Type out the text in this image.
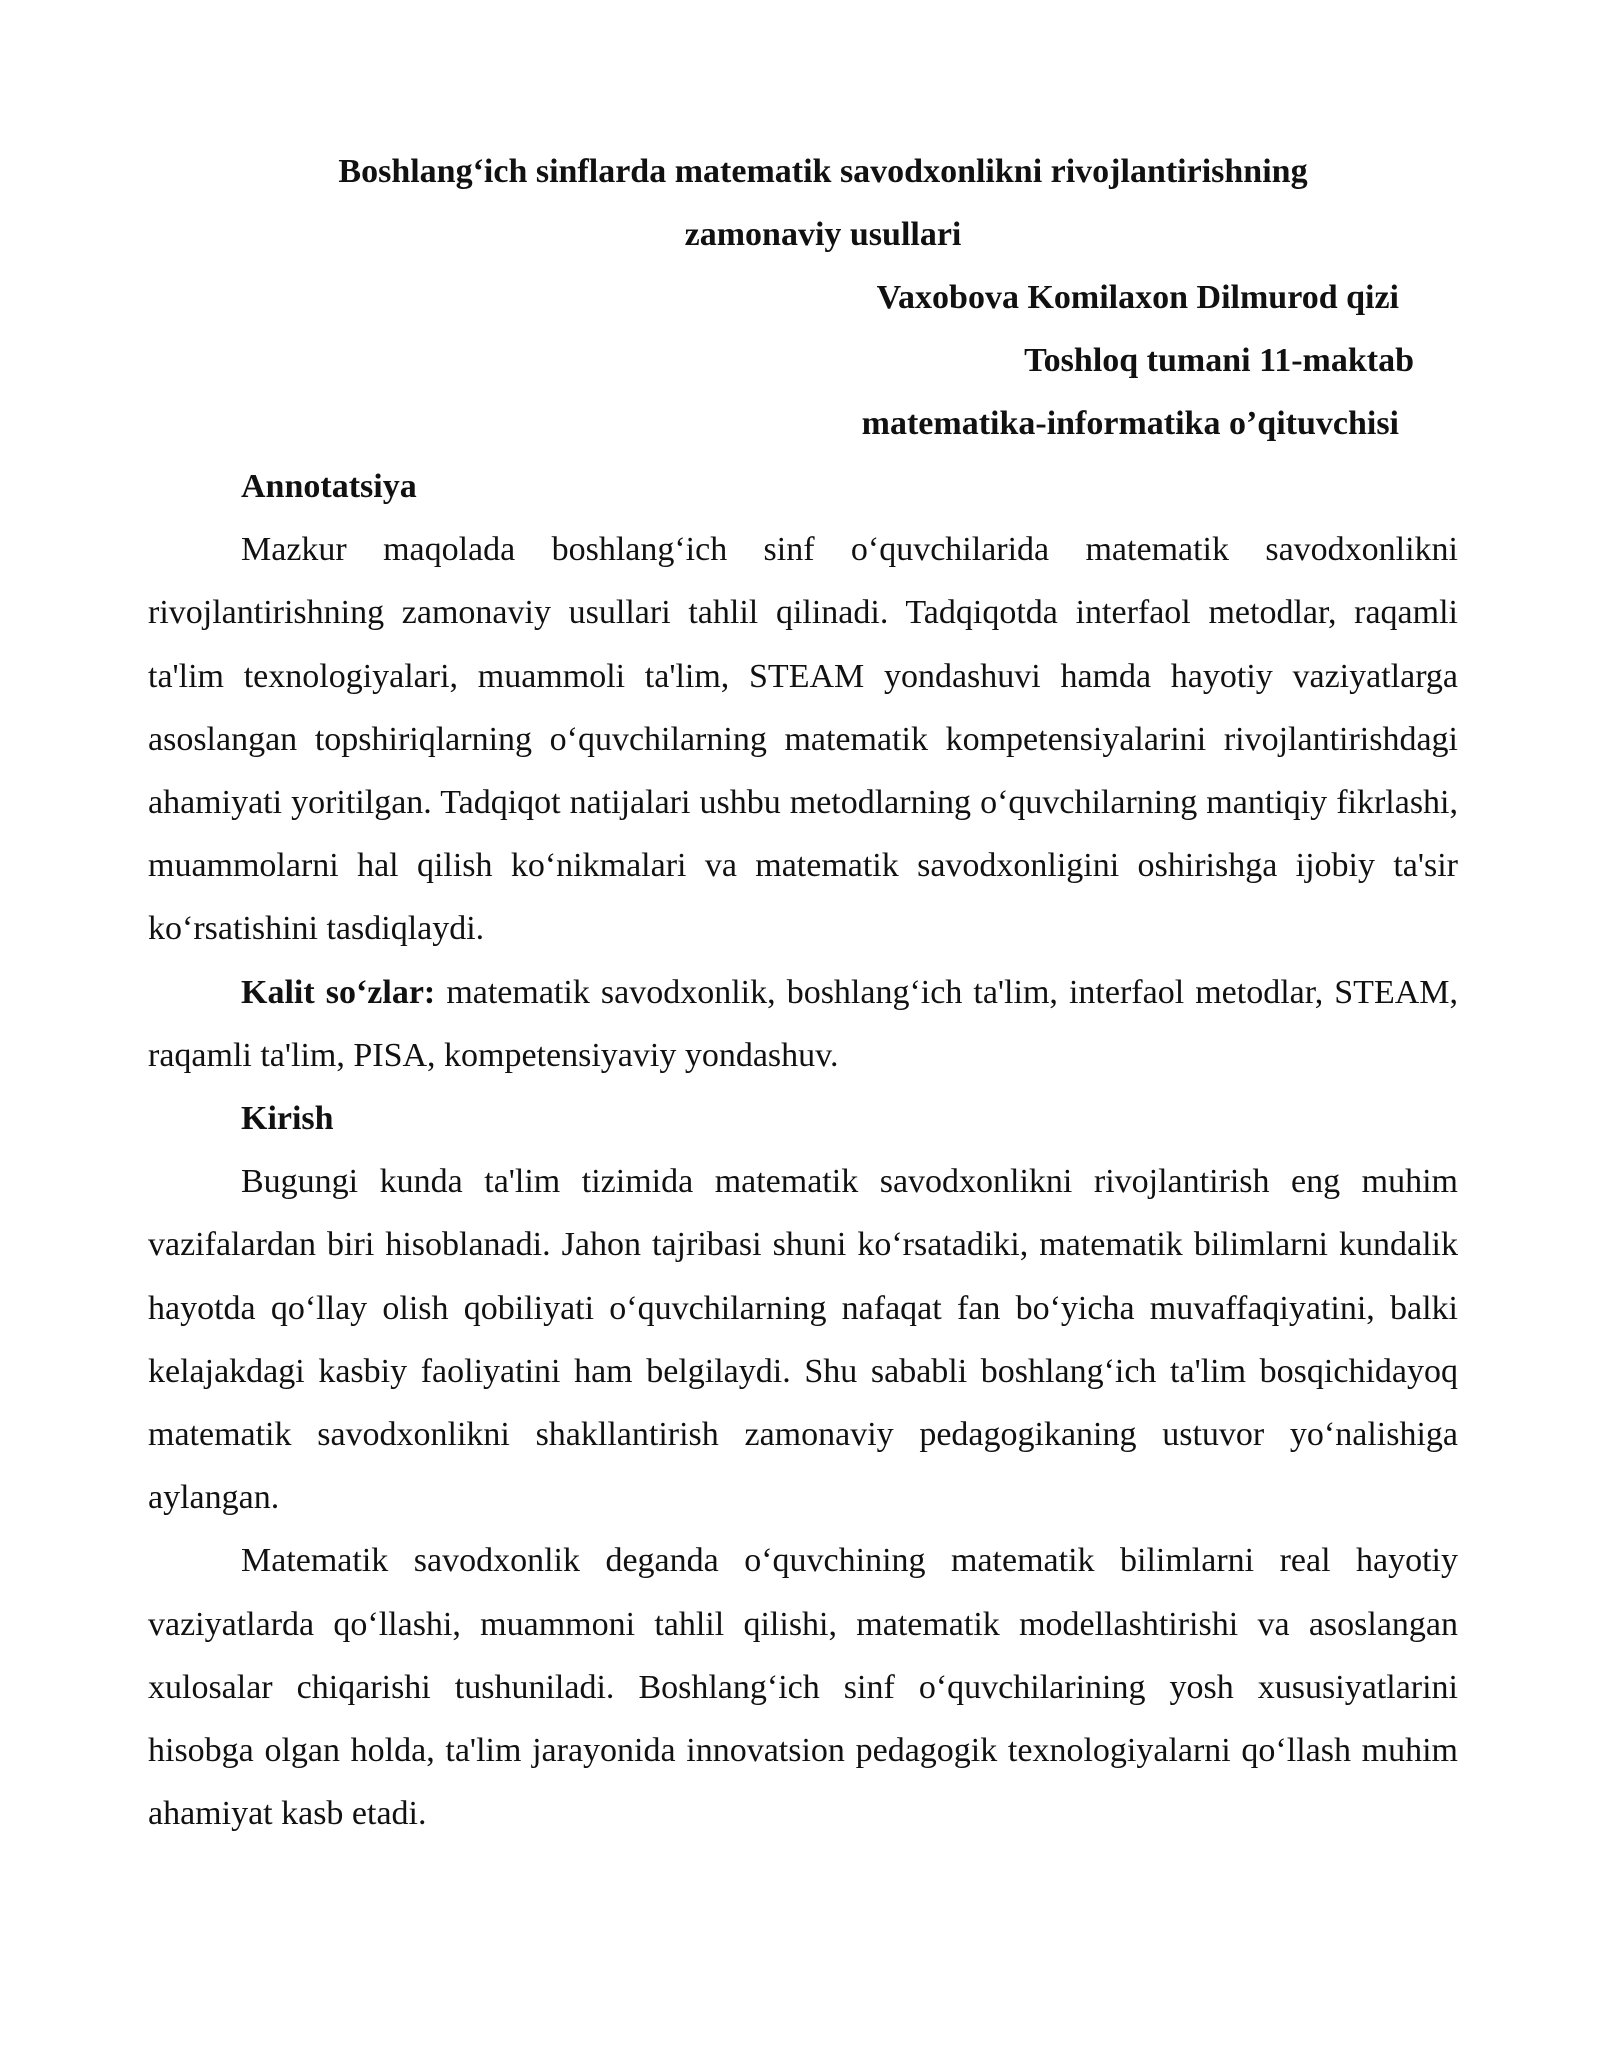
Boshlang‘ich sinflarda matematik savodxonlikni rivojlantirishning
zamonaviy usullari
Vaxobova Komilaxon Dilmurod qizi
Toshloq tumani 11-maktab
matematika-informatika o’qituvchisi
Annotatsiya

Mazkur maqolada boshlang‘ich sinf o‘quvchilarida matematik savodxonlikni rivojlantirishning zamonaviy usullari tahlil qilinadi. Tadqiqotda interfaol metodlar, raqamli ta'lim texnologiyalari, muammoli ta'lim, STEAM yondashuvi hamda hayotiy vaziyatlarga asoslangan topshiriqlarning o‘quvchilarning matematik kompetensiyalarini rivojlantirishdagi ahamiyati yoritilgan. Tadqiqot natijalari ushbu metodlarning o‘quvchilarning mantiqiy fikrlashi, muammolarni hal qilish ko‘nikmalari va matematik savodxonligini oshirishga ijobiy ta'sir ko‘rsatishini tasdiqlaydi.

Kalit so‘zlar: matematik savodxonlik, boshlang‘ich ta'lim, interfaol metodlar, STEAM, raqamli ta'lim, PISA, kompetensiyaviy yondashuv.

Kirish

Bugungi kunda ta'lim tizimida matematik savodxonlikni rivojlantirish eng muhim vazifalardan biri hisoblanadi. Jahon tajribasi shuni ko‘rsatadiki, matematik bilimlarni kundalik hayotda qo‘llay olish qobiliyati o‘quvchilarning nafaqat fan bo‘yicha muvaffaqiyatini, balki kelajakdagi kasbiy faoliyatini ham belgilaydi. Shu sababli boshlang‘ich ta'lim bosqichidayoq matematik savodxonlikni shakllantirish zamonaviy pedagogikaning ustuvor yo‘nalishiga aylangan.

Matematik savodxonlik deganda o‘quvchining matematik bilimlarni real hayotiy vaziyatlarda qo‘llashi, muammoni tahlil qilishi, matematik modellashtirishi va asoslangan xulosalar chiqarishi tushuniladi. Boshlang‘ich sinf o‘quvchilarining yosh xususiyatlarini hisobga olgan holda, ta'lim jarayonida innovatsion pedagogik texnologiyalarni qo‘llash muhim ahamiyat kasb etadi.
